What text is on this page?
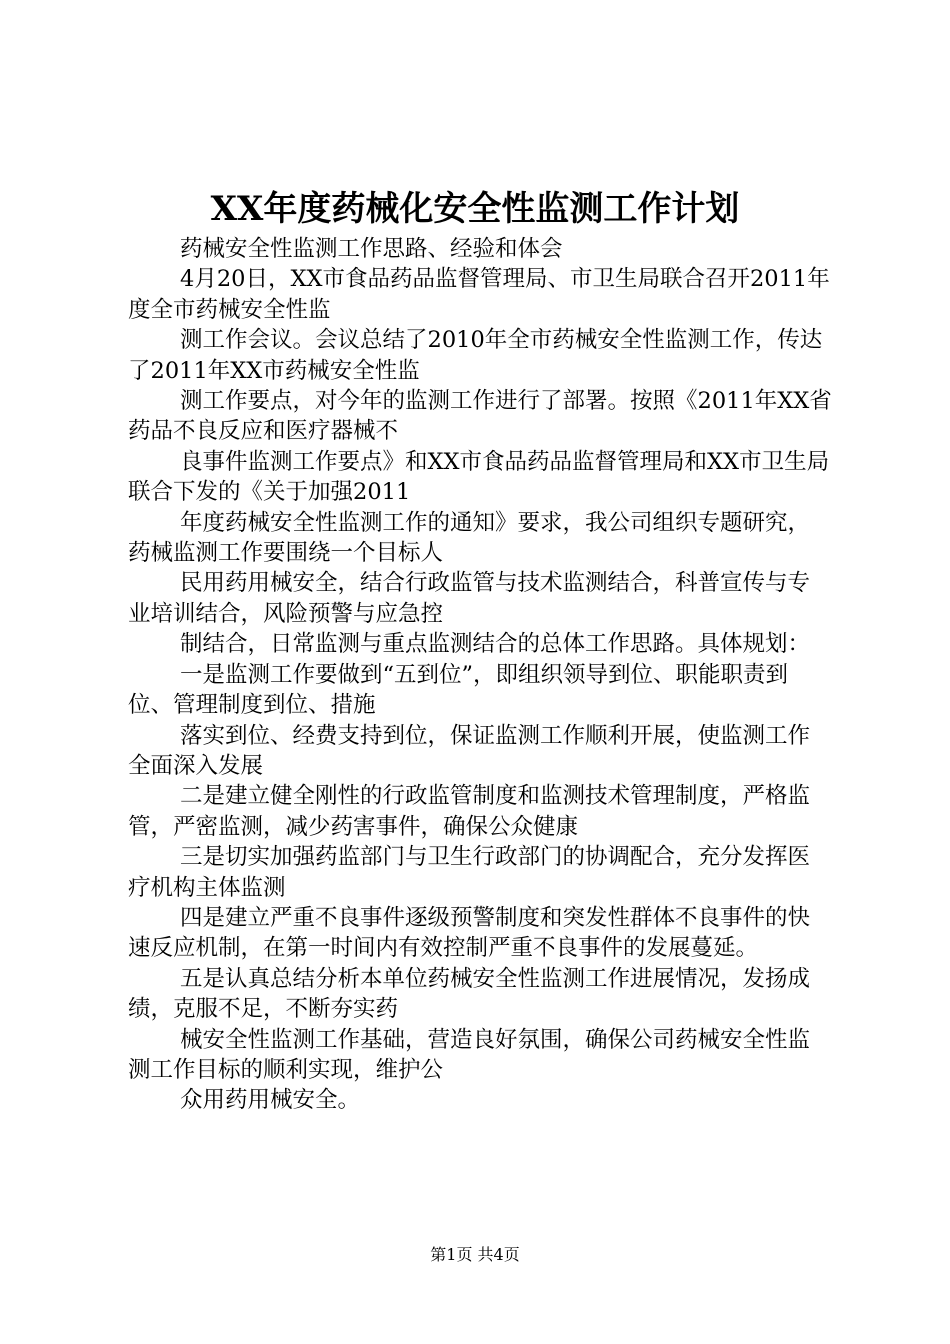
XX年度药械化安全性监测工作计划

药械安全性监测工作思路、经验和体会

4月20日，XX市食品药品监督管理局、市卫生局联合召开2011年度全市药械安全性监

测工作会议。会议总结了2010年全市药械安全性监测工作，传达了2011年XX市药械安全性监

测工作要点，对今年的监测工作进行了部署。按照《2011年XX省药品不良反应和医疗器械不

良事件监测工作要点》和XX市食品药品监督管理局和XX市卫生局联合下发的《关于加强2011

年度药械安全性监测工作的通知》要求，我公司组织专题研究，药械监测工作要围绕一个目标人

民用药用械安全，结合行政监管与技术监测结合，科普宣传与专业培训结合，风险预警与应急控

制结合，日常监测与重点监测结合的总体工作思路。具体规划：

一是监测工作要做到“五到位”，即组织领导到位、职能职责到位、管理制度到位、措施

落实到位、经费支持到位，保证监测工作顺利开展，使监测工作全面深入发展

二是建立健全刚性的行政监管制度和监测技术管理制度，严格监管，严密监测，减少药害事件，确保公众健康

三是切实加强药监部门与卫生行政部门的协调配合，充分发挥医疗机构主体监测

四是建立严重不良事件逐级预警制度和突发性群体不良事件的快速反应机制，在第一时间内有效控制严重不良事件的发展蔓延。

五是认真总结分析本单位药械安全性监测工作进展情况，发扬成绩，克服不足，不断夯实药

械安全性监测工作基础，营造良好氛围，确保公司药械安全性监测工作目标的顺利实现，维护公

众用药用械安全。

第1页 共4页
